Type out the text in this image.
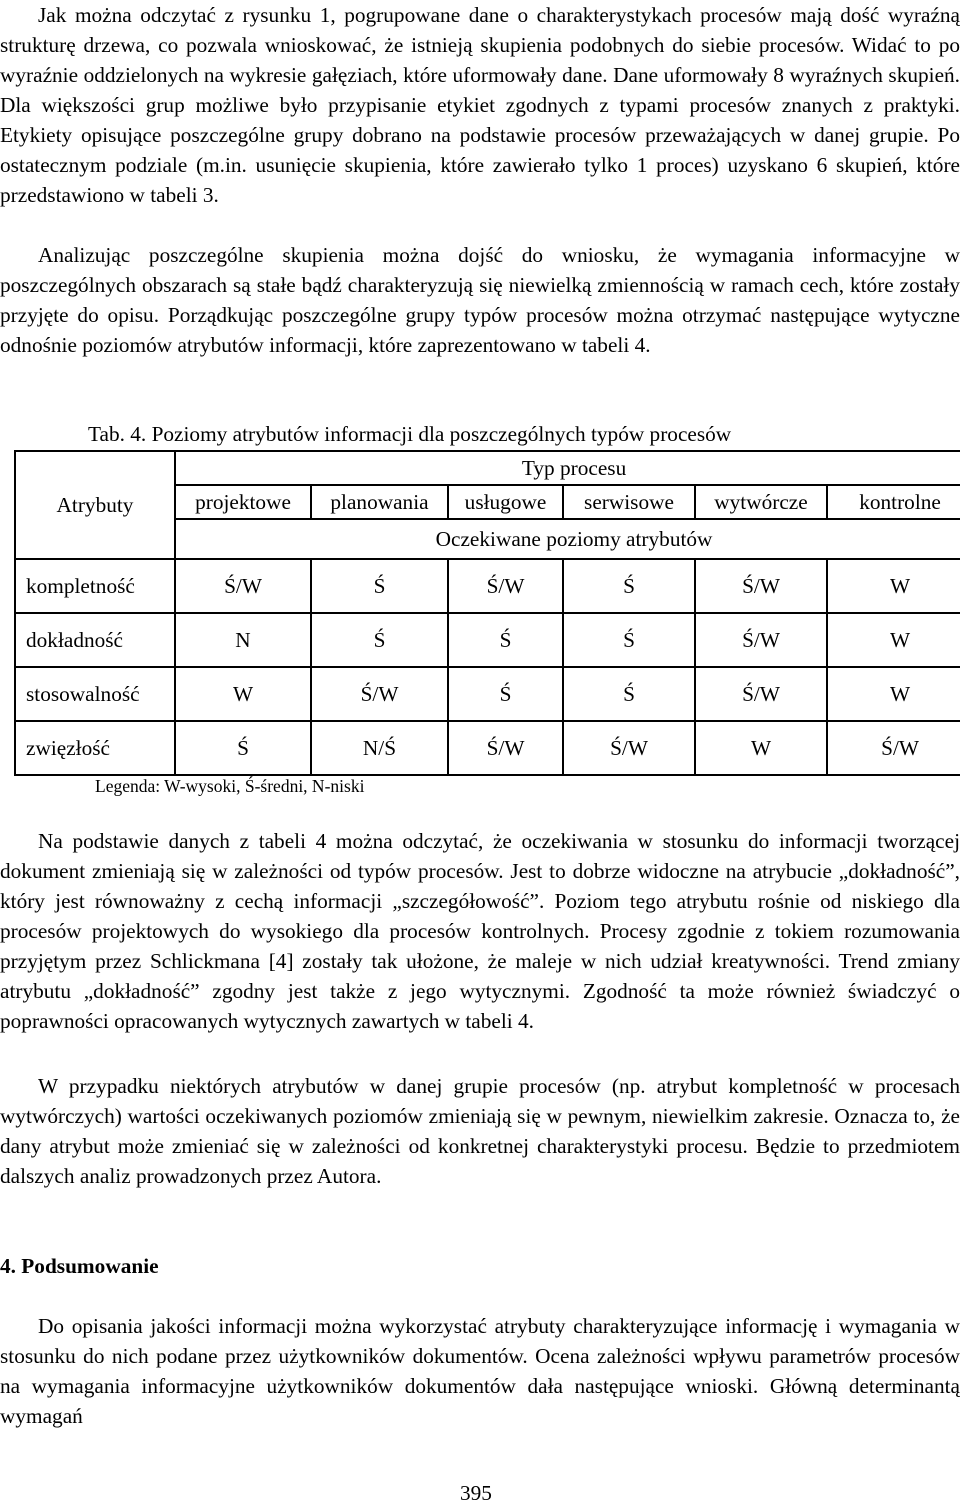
Jak można odczytać z rysunku 1, pogrupowane dane o charakterystykach procesów mają dość wyraźną strukturę drzewa, co pozwala wnioskować, że istnieją skupienia podobnych do siebie procesów. Widać to po wyraźnie oddzielonych na wykresie gałęziach, które uformowały dane. Dane uformowały 8 wyraźnych skupień. Dla większości grup możliwe było przypisanie etykiet zgodnych z typami procesów znanych z praktyki. Etykiety opisujące poszczególne grupy dobrano na podstawie procesów przeważających w danej grupie. Po ostatecznym podziale (m.in. usunięcie skupienia, które zawierało tylko 1 proces) uzyskano 6 skupień, które przedstawiono w tabeli 3.

Analizując poszczególne skupienia można dojść do wniosku, że wymagania informacyjne w poszczególnych obszarach są stałe bądź charakteryzują się niewielką zmiennością w ramach cech, które zostały przyjęte do opisu. Porządkując poszczególne grupy typów procesów można otrzymać następujące wytyczne odnośnie poziomów atrybutów informacji, które zaprezentowano w tabeli 4.

Tab. 4. Poziomy atrybutów informacji dla poszczególnych typów procesów
Atrybuty	Typ procesu					
	projektowe	planowania	usługowe	serwisowe	wytwórcze	kontrolne
	Oczekiwane poziomy atrybutów					
kompletność	Ś/W	Ś	Ś/W	Ś	Ś/W	W
dokładność	N	Ś	Ś	Ś	Ś/W	W
stosowalność	W	Ś/W	Ś	Ś	Ś/W	W
zwięzłość	Ś	N/Ś	Ś/W	Ś/W	W	Ś/W
Legenda: W-wysoki, Ś-średni, N-niski

Na podstawie danych z tabeli 4 można odczytać, że oczekiwania w stosunku do informacji tworzącej dokument zmieniają się w zależności od typów procesów. Jest to dobrze widoczne na atrybucie „dokładność”, który jest równoważny z cechą informacji „szczegółowość”. Poziom tego atrybutu rośnie od niskiego dla procesów projektowych do wysokiego dla procesów kontrolnych. Procesy zgodnie z tokiem rozumowania przyjętym przez Schlickmana [4] zostały tak ułożone, że maleje w nich udział kreatywności. Trend zmiany atrybutu „dokładność” zgodny jest także z jego wytycznymi. Zgodność ta może również świadczyć o poprawności opracowanych wytycznych zawartych w tabeli 4.

W przypadku niektórych atrybutów w danej grupie procesów (np. atrybut kompletność w procesach wytwórczych) wartości oczekiwanych poziomów zmieniają się w pewnym, niewielkim zakresie. Oznacza to, że dany atrybut może zmieniać się w zależności od konkretnej charakterystyki procesu. Będzie to przedmiotem dalszych analiz prowadzonych przez Autora.

4. Podsumowanie

Do opisania jakości informacji można wykorzystać atrybuty charakteryzujące informację i wymagania w stosunku do nich podane przez użytkowników dokumentów. Ocena zależności wpływu parametrów procesów na wymagania informacyjne użytkowników dokumentów dała następujące wnioski. Główną determinantą wymagań

395
